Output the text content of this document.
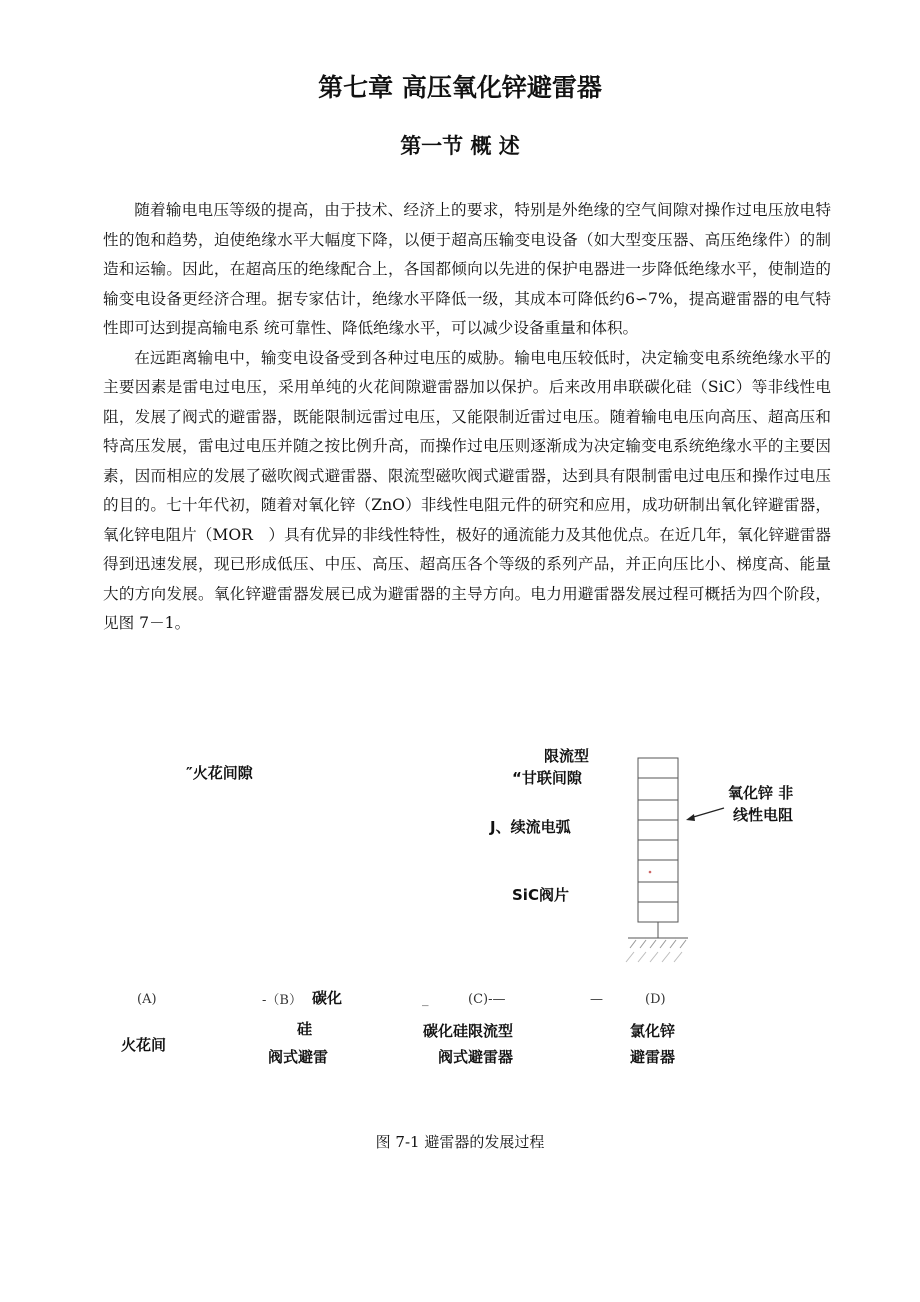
第七章 高压氧化锌避雷器
第一节 概 述

随着输电电压等级的提高，由于技术、经济上的要求，特别是外绝缘的空气间隙对操作过电压放电特性的饱和趋势，迫使绝缘水平大幅度下降，以便于超高压输变电设备（如大型变压器、高压绝缘件）的制造和运输。因此，在超高压的绝缘配合上，各国都倾向以先进的保护电器进一步降低绝缘水平，使制造的输变电设备更经济合理。据专家估计，绝缘水平降低一级，其成本可降低约6∽7%，提高避雷器的电气特性即可达到提高输电系 统可靠性、降低绝缘水平，可以减少设备重量和体积。

在远距离输电中，输变电设备受到各种过电压的威胁。输电电压较低时，决定输变电系统绝缘水平的主要因素是雷电过电压，采用单纯的火花间隙避雷器加以保护。后来改用串联碳化硅（SiC）等非线性电阻，发展了阀式的避雷器，既能限制远雷过电压，又能限制近雷过电压。随着输电电压向高压、超高压和特高压发展，雷电过电压并随之按比例升高，而操作过电压则逐渐成为决定输变电系统绝缘水平的主要因素，因而相应的发展了磁吹阀式避雷器、限流型磁吹阀式避雷器，达到具有限制雷电过电压和操作过电压的目的。七十年代初，随着对氧化锌（ZnO）非线性电阻元件的研究和应用，成功研制出氧化锌避雷器，氧化锌电阻片（MOR　）具有优异的非线性特性，极好的通流能力及其他优点。在近几年，氧化锌避雷器得到迅速发展，现已形成低压、中压、高压、超高压各个等级的系列产品，并正向压比小、梯度高、能量大的方向发展。氧化锌避雷器发展已成为避雷器的主导方向。电力用避雷器发展过程可概括为四个阶段，见图 7－1。

″火花间隙
限流型
“甘联间隙
J、续流电弧
SiC阀片
氧化锌 非
线性电阻
(A)	-（B） 碳化	_	(C)-—	—	(D)
火花间
硅
阀式避雷
碳化硅限流型
阀式避雷器
氯化锌
避雷器
图 7-1 避雷器的发展过程
